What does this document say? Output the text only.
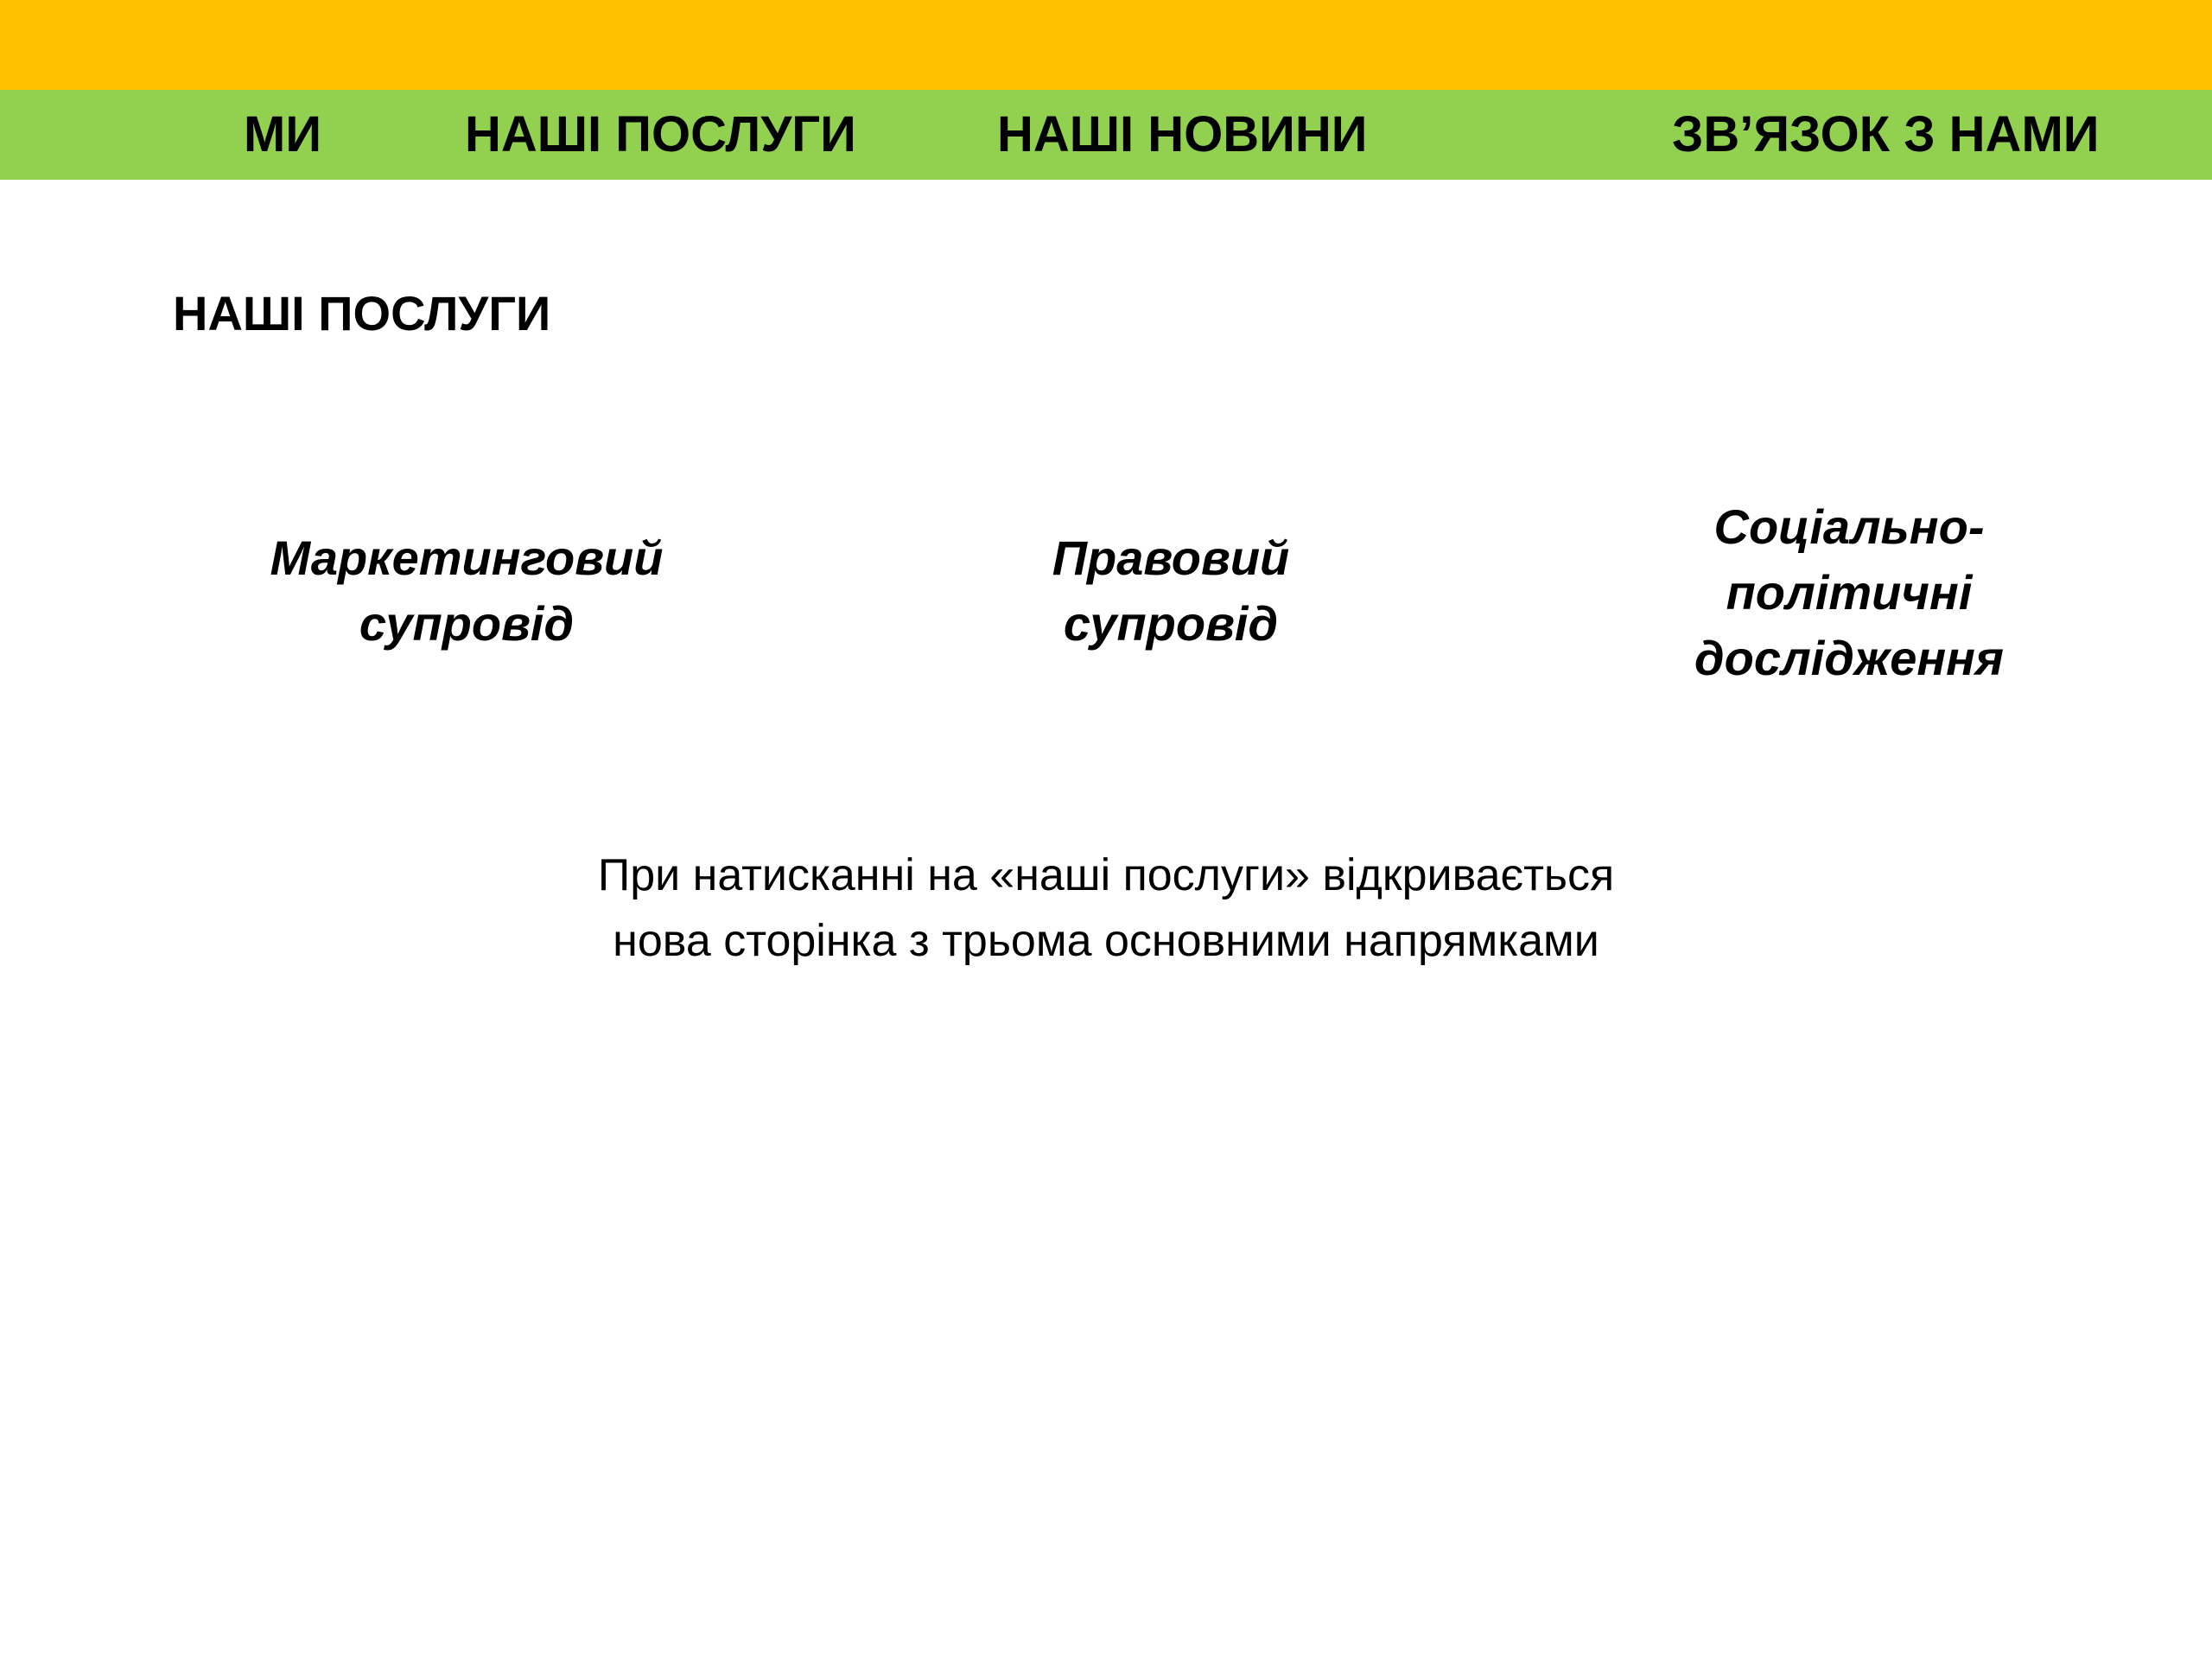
МИ	НАШІ ПОСЛУГИ	НАШІ НОВИНИ	ЗВ’ЯЗОК З НАМИ
НАШІ ПОСЛУГИ
Маркетинговий
супровід
Правовий
супровід
Соціально-
політичні
дослідження
При натисканні на «наші послуги» відкривається
нова сторінка з трьома основними напрямками
